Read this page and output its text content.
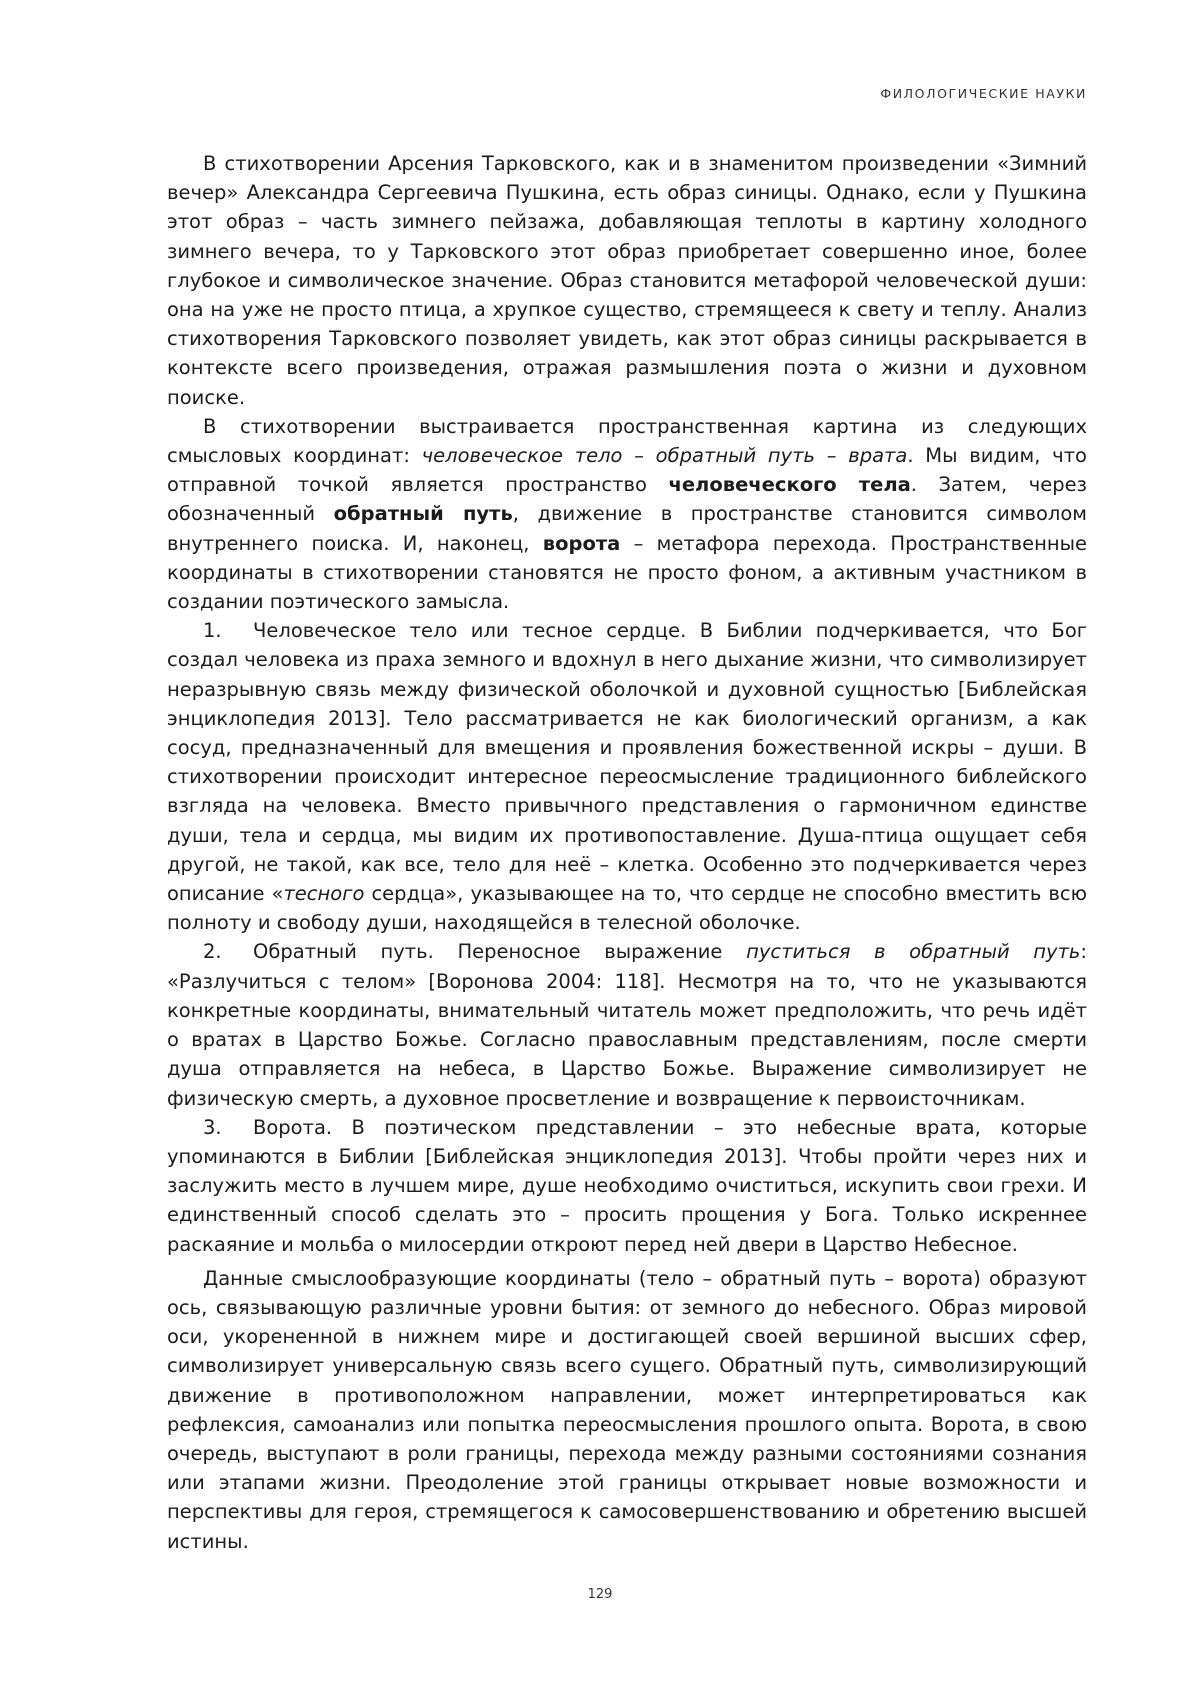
ФИЛОЛОГИЧЕСКИЕ НАУКИ

В стихотворении Арсения Тарковского, как и в знаменитом произведении «Зимний вечер» Александра Сергеевича Пушкина, есть образ синицы. Однако, если у Пушкина этот образ – часть зимнего пейзажа, добавляющая теплоты в картину холодного зимнего вечера, то у Тарковского этот образ приобретает совершенно иное, более глубокое и символическое значение. Образ становится метафорой человеческой души: она на уже не просто птица, а хрупкое существо, стремящееся к свету и теплу. Анализ стихотворения Тарковского позволяет увидеть, как этот образ синицы раскрывается в контексте всего произведения, отражая размышления поэта о жизни и духовном поиске.

В стихотворении выстраивается пространственная картина из следующих смысловых координат: человеческое тело – обратный путь – врата. Мы видим, что отправной точкой является пространство человеческого тела. Затем, через обозначенный обратный путь, движение в пространстве становится символом внутреннего поиска. И, наконец, ворота – метафора перехода. Пространственные координаты в стихотворении становятся не просто фоном, а активным участником в создании поэтического замысла.

1. Человеческое тело или тесное сердце. В Библии подчеркивается, что Бог создал человека из праха земного и вдохнул в него дыхание жизни, что символизирует неразрывную связь между физической оболочкой и духовной сущностью [Библейская энциклопедия 2013]. Тело рассматривается не как биологический организм, а как сосуд, предназначенный для вмещения и проявления божественной искры – души. В стихотворении происходит интересное переосмысление традиционного библейского взгляда на человека. Вместо привычного представления о гармоничном единстве души, тела и сердца, мы видим их противопоставление. Душа-птица ощущает себя другой, не такой, как все, тело для неё – клетка. Особенно это подчеркивается через описание «тесного сердца», указывающее на то, что сердце не способно вместить всю полноту и свободу души, находящейся в телесной оболочке.

2. Обратный путь. Переносное выражение пуститься в обратный путь: «Разлучиться с телом» [Воронова 2004: 118]. Несмотря на то, что не указываются конкретные координаты, внимательный читатель может предположить, что речь идёт о вратах в Царство Божье. Согласно православным представлениям, после смерти душа отправляется на небеса, в Царство Божье. Выражение символизирует не физическую смерть, а духовное просветление и возвращение к первоисточникам.

3. Ворота. В поэтическом представлении – это небесные врата, которые упоминаются в Библии [Библейская энциклопедия 2013]. Чтобы пройти через них и заслужить место в лучшем мире, душе необходимо очиститься, искупить свои грехи. И единственный способ сделать это – просить прощения у Бога. Только искреннее раскаяние и мольба о милосердии откроют перед ней двери в Царство Небесное.

Данные смыслообразующие координаты (тело – обратный путь – ворота) образуют ось, связывающую различные уровни бытия: от земного до небесного. Образ мировой оси, укорененной в нижнем мире и достигающей своей вершиной высших сфер, символизирует универсальную связь всего сущего. Обратный путь, символизирующий движение в противоположном направлении, может интерпретироваться как рефлексия, самоанализ или попытка переосмысления прошлого опыта. Ворота, в свою очередь, выступают в роли границы, перехода между разными состояниями сознания или этапами жизни. Преодоление этой границы открывает новые возможности и перспективы для героя, стремящегося к самосовершенствованию и обретению высшей истины.

129
